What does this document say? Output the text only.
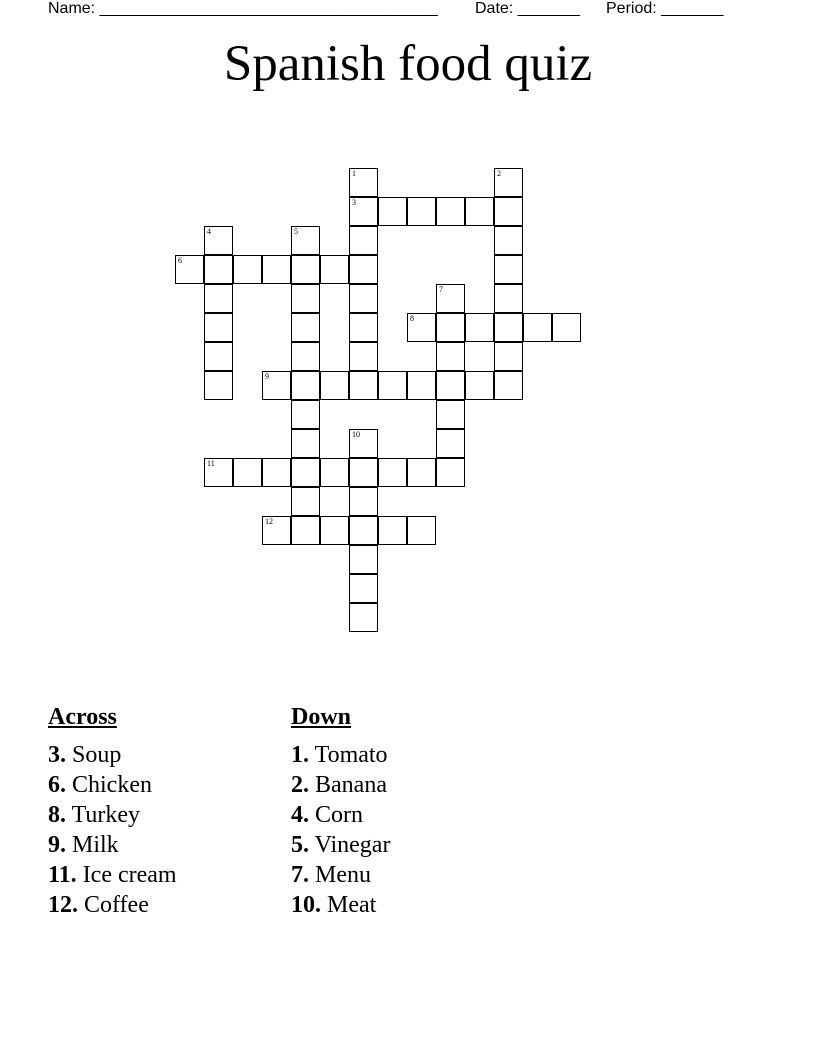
Name: ______________________________________ Date: _______ Period: _______
Spanish food quiz
1
3
2
4	5
6
7
8
9
10
11
12
Across
3. Soup
6. Chicken
8. Turkey
9. Milk
11. Ice cream
12. Coffee
Down
1. Tomato
2. Banana
4. Corn
5. Vinegar
7. Menu
10. Meat
